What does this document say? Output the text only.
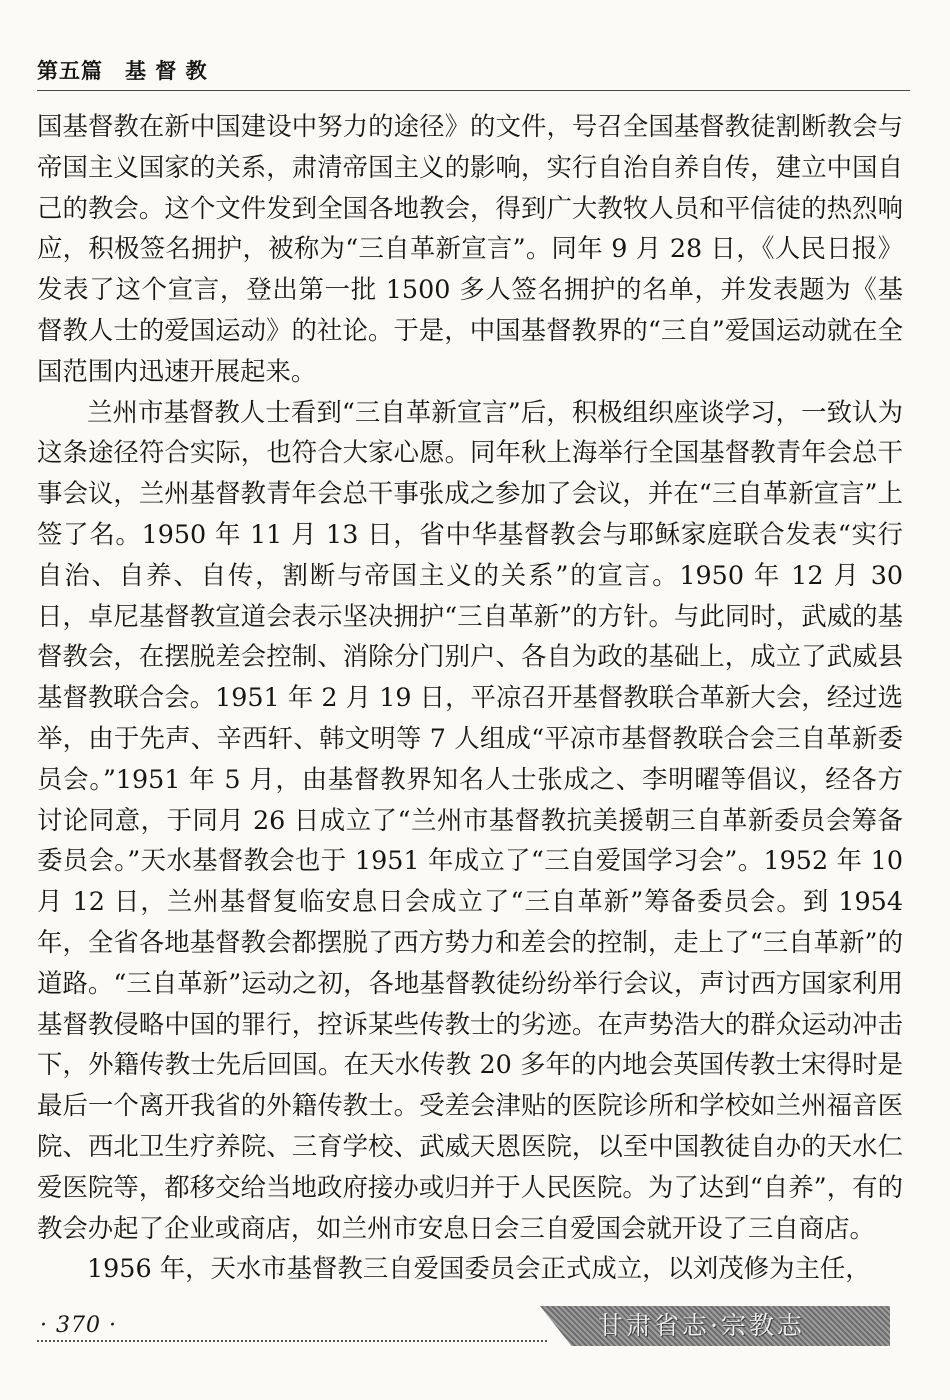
第五篇　基 督 教

国基督教在新中国建设中努力的途径》的文件，号召全国基督教徒割断教会与帝国主义国家的关系，肃清帝国主义的影响，实行自治自养自传，建立中国自己的教会。这个文件发到全国各地教会，得到广大教牧人员和平信徒的热烈响应，积极签名拥护，被称为“三自革新宣言”。同年 9 月 28 日，《人民日报》发表了这个宣言，登出第一批 1500 多人签名拥护的名单，并发表题为《基督教人士的爱国运动》的社论。于是，中国基督教界的“三自”爱国运动就在全国范围内迅速开展起来。

兰州市基督教人士看到“三自革新宣言”后，积极组织座谈学习，一致认为这条途径符合实际，也符合大家心愿。同年秋上海举行全国基督教青年会总干事会议，兰州基督教青年会总干事张成之参加了会议，并在“三自革新宣言”上签了名。1950 年 11 月 13 日，省中华基督教会与耶稣家庭联合发表“实行自治、自养、自传，割断与帝国主义的关系”的宣言。1950 年 12 月 30 日，卓尼基督教宣道会表示坚决拥护“三自革新”的方针。与此同时，武威的基督教会，在摆脱差会控制、消除分门别户、各自为政的基础上，成立了武威县基督教联合会。1951 年 2 月 19 日，平凉召开基督教联合革新大会，经过选举，由于先声、辛西轩、韩文明等 7 人组成“平凉市基督教联合会三自革新委员会。”1951 年 5 月，由基督教界知名人士张成之、李明曜等倡议，经各方讨论同意，于同月 26 日成立了“兰州市基督教抗美援朝三自革新委员会筹备委员会。”天水基督教会也于 1951 年成立了“三自爱国学习会”。1952 年 10 月 12 日，兰州基督复临安息日会成立了“三自革新”筹备委员会。到 1954 年，全省各地基督教会都摆脱了西方势力和差会的控制，走上了“三自革新”的道路。“三自革新”运动之初，各地基督教徒纷纷举行会议，声讨西方国家利用基督教侵略中国的罪行，控诉某些传教士的劣迹。在声势浩大的群众运动冲击下，外籍传教士先后回国。在天水传教 20 多年的内地会英国传教士宋得时是最后一个离开我省的外籍传教士。受差会津贴的医院诊所和学校如兰州福音医院、西北卫生疗养院、三育学校、武威天恩医院，以至中国教徒自办的天水仁爱医院等，都移交给当地政府接办或归并于人民医院。为了达到“自养”，有的教会办起了企业或商店，如兰州市安息日会三自爱国会就开设了三自商店。

1956 年，天水市基督教三自爱国委员会正式成立，以刘茂修为主任，

· 370 ·	甘肃省志·宗教志
